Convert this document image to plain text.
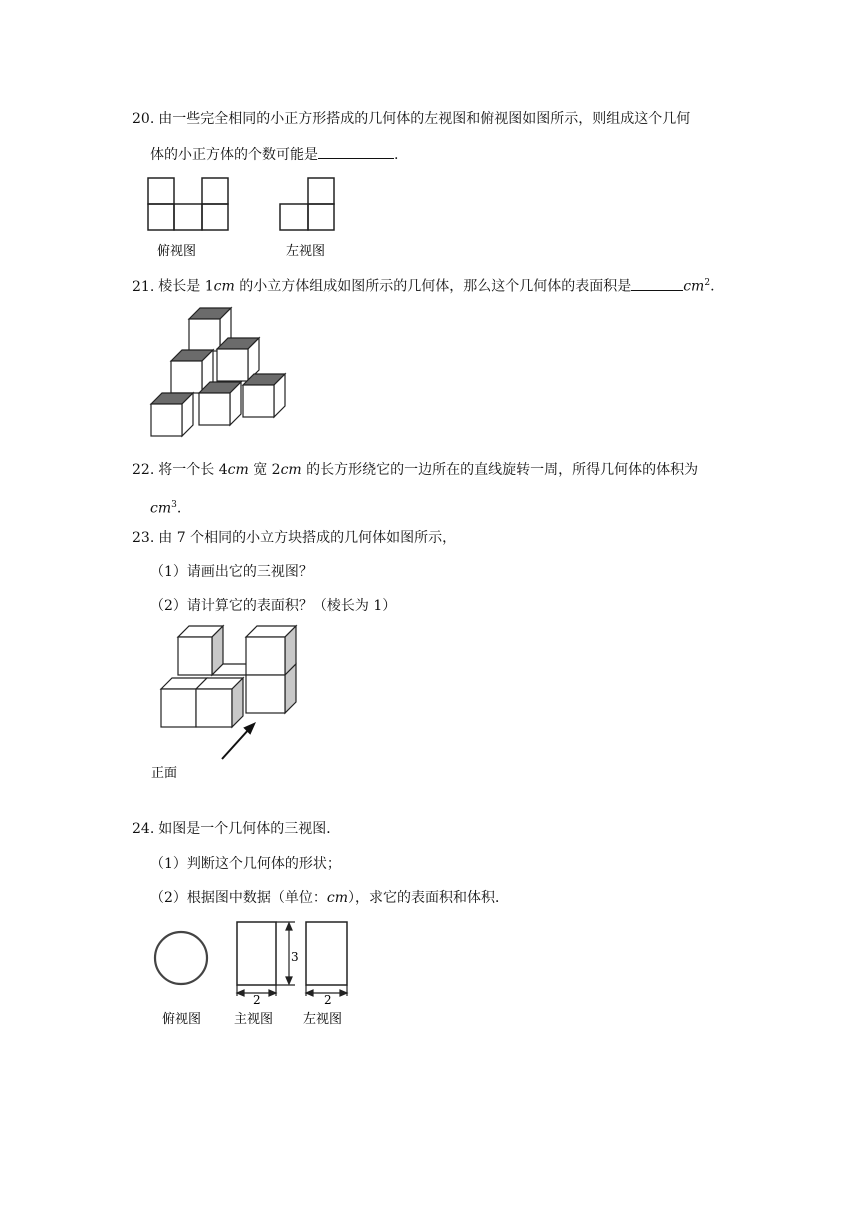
20. 由一些完全相同的小正方形搭成的几何体的左视图和俯视图如图所示，则组成这个几何
体的小正方体的个数可能是	.
俯视图	左视图
21. 棱长是 1cm 的小立方体组成如图所示的几何体，那么这个几何体的表面积是	$cm^2$.
22. 将一个长 4cm 宽 2cm 的长方形绕它的一边所在的直线旋转一周，所得几何体的体积为
$cm^3$.
23. 由 7 个相同的小立方块搭成的几何体如图所示，
（1）请画出它的三视图？
（2）请计算它的表面积？（棱长为 1）
正面
24. 如图是一个几何体的三视图．
（1）判断这个几何体的形状；
（2）根据图中数据（单位：cm），求它的表面积和体积．
3
2	2
俯视图	主视图 左视图
